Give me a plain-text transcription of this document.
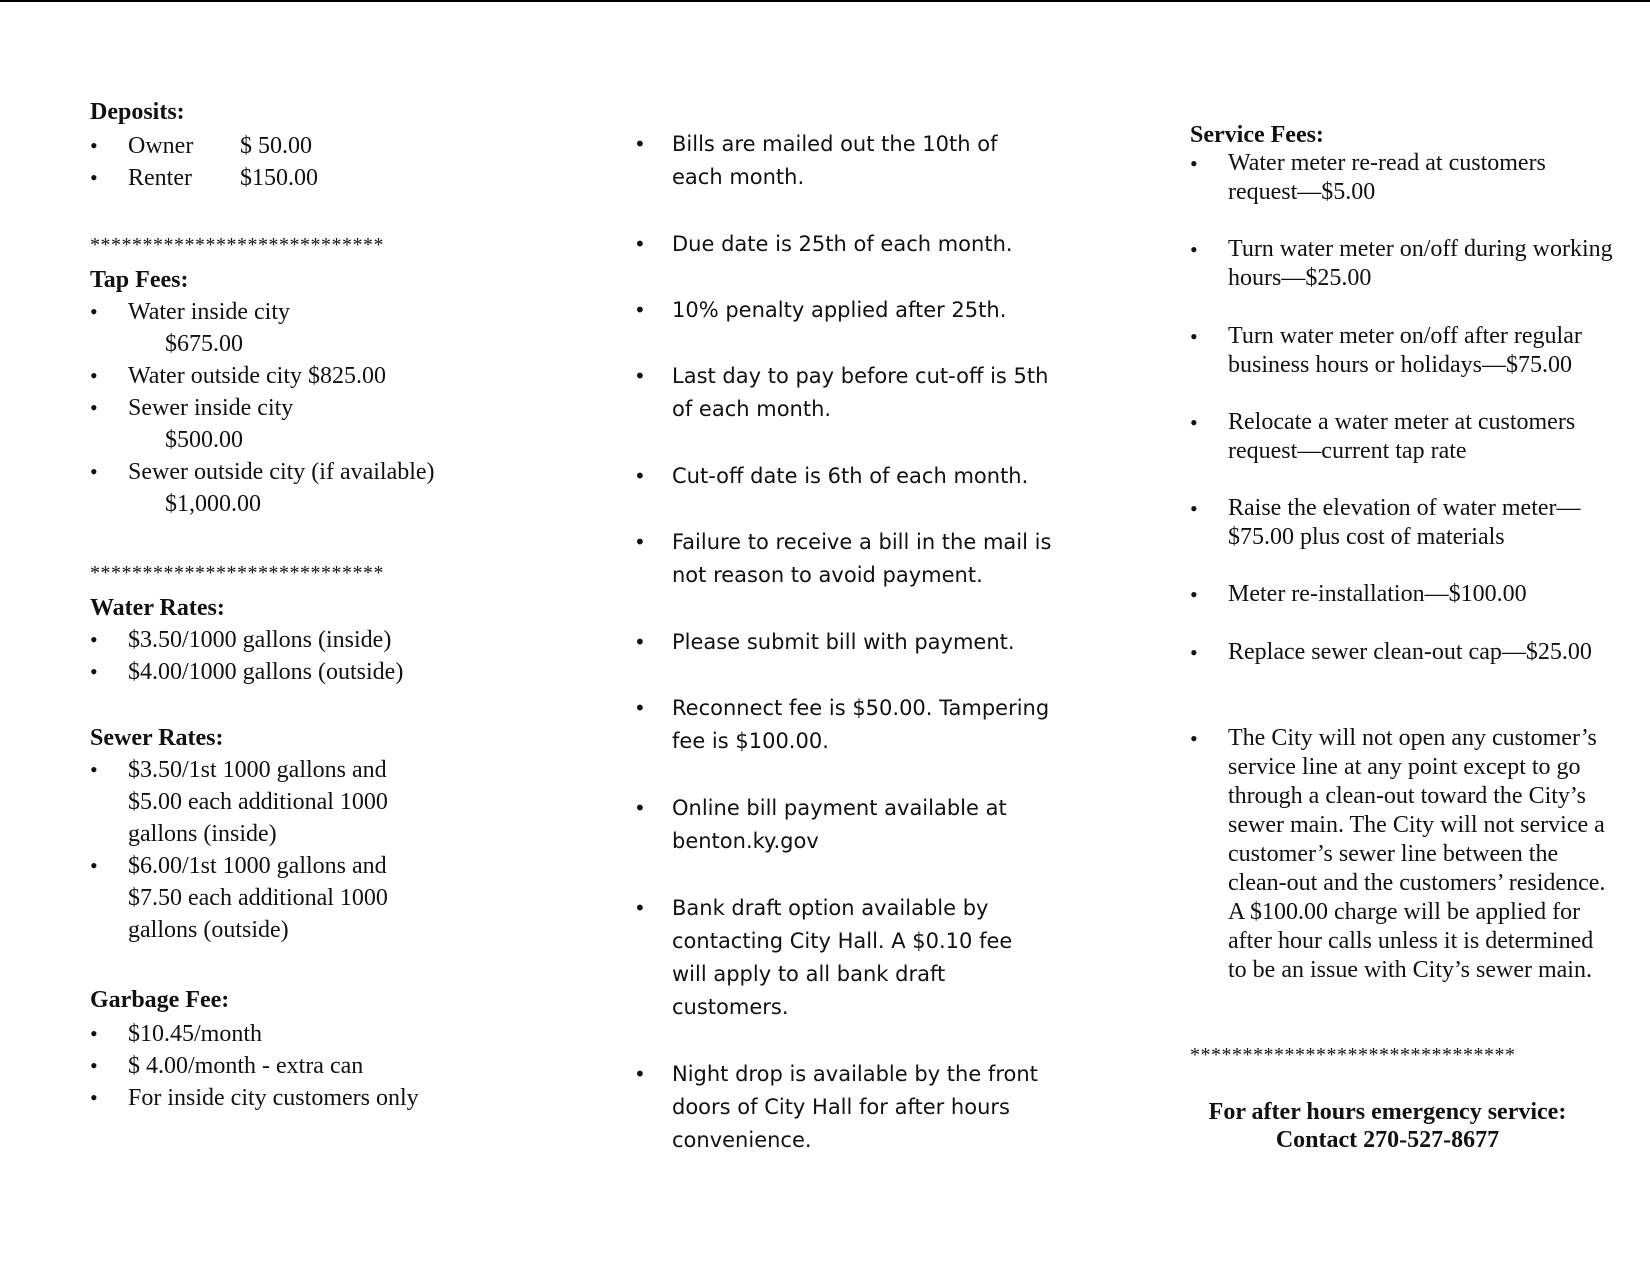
Deposits:
• Owner $ 50.00
• Renter $150.00
****************************
Tap Fees:
• Water inside city
$675.00
• Water outside city $825.00
• Sewer inside city
$500.00
• Sewer outside city (if available)
$1,000.00
****************************
Water Rates:
• $3.50/1000 gallons (inside)
• $4.00/1000 gallons (outside)
Sewer Rates:
• $3.50/1st 1000 gallons and $5.00 each additional 1000 gallons (inside)
• $6.00/1st 1000 gallons and $7.50 each additional 1000 gallons (outside)
Garbage Fee:
• $10.45/month
• $ 4.00/month - extra can
• For inside city customers only
• Bills are mailed out the 10th of each month.
• Due date is 25th of each month.
• 10% penalty applied after 25th.
• Last day to pay before cut-off is 5th of each month.
• Cut-off date is 6th of each month.
• Failure to receive a bill in the mail is not reason to avoid payment.
• Please submit bill with payment.
• Reconnect fee is $50.00. Tampering fee is $100.00.
• Online bill payment available at benton.ky.gov
• Bank draft option available by contacting City Hall. A $0.10 fee will apply to all bank draft customers.
• Night drop is available by the front doors of City Hall for after hours convenience.
Service Fees:
• Water meter re-read at customers request—$5.00
• Turn water meter on/off during working hours—$25.00
• Turn water meter on/off after regular business hours or holidays—$75.00
• Relocate a water meter at customers request—current tap rate
• Raise the elevation of water meter—$75.00 plus cost of materials
• Meter re-installation—$100.00
• Replace sewer clean-out cap—$25.00
• The City will not open any customer’s service line at any point except to go through a clean-out toward the City’s sewer main. The City will not service a customer’s sewer line between the clean-out and the customers’ residence. A $100.00 charge will be applied for after hour calls unless it is determined to be an issue with City’s sewer main.
*******************************
For after hours emergency service:
Contact 270-527-8677
